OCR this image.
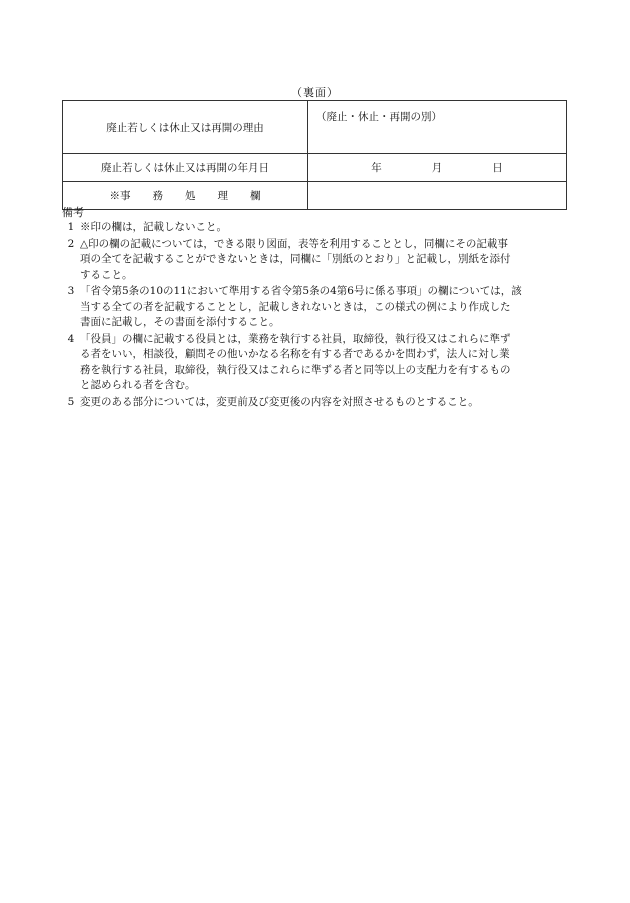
（裏面）
廃止若しくは休止又は再開の理由	（廃止・休止・再開の別）
廃止若しくは休止又は再開の年月日	年 月 日

※事 務 処 理 欄	

備考
1 ※印の欄は，記載しないこと。
2 △印の欄の記載については，できる限り図面，表等を利用することとし，同欄にその記載事
項の全てを記載することができないときは，同欄に「別紙のとおり」と記載し，別紙を添付
すること。
3 「省令第5条の10の11において準用する省令第5条の4第6号に係る事項」の欄については，該
当する全ての者を記載することとし，記載しきれないときは，この様式の例により作成した
書面に記載し，その書面を添付すること。
4 「役員」の欄に記載する役員とは，業務を執行する社員，取締役，執行役又はこれらに準ず
る者をいい，相談役，顧問その他いかなる名称を有する者であるかを問わず，法人に対し業
務を執行する社員，取締役，執行役又はこれらに準ずる者と同等以上の支配力を有するもの
と認められる者を含む。
5 変更のある部分については，変更前及び変更後の内容を対照させるものとすること。
